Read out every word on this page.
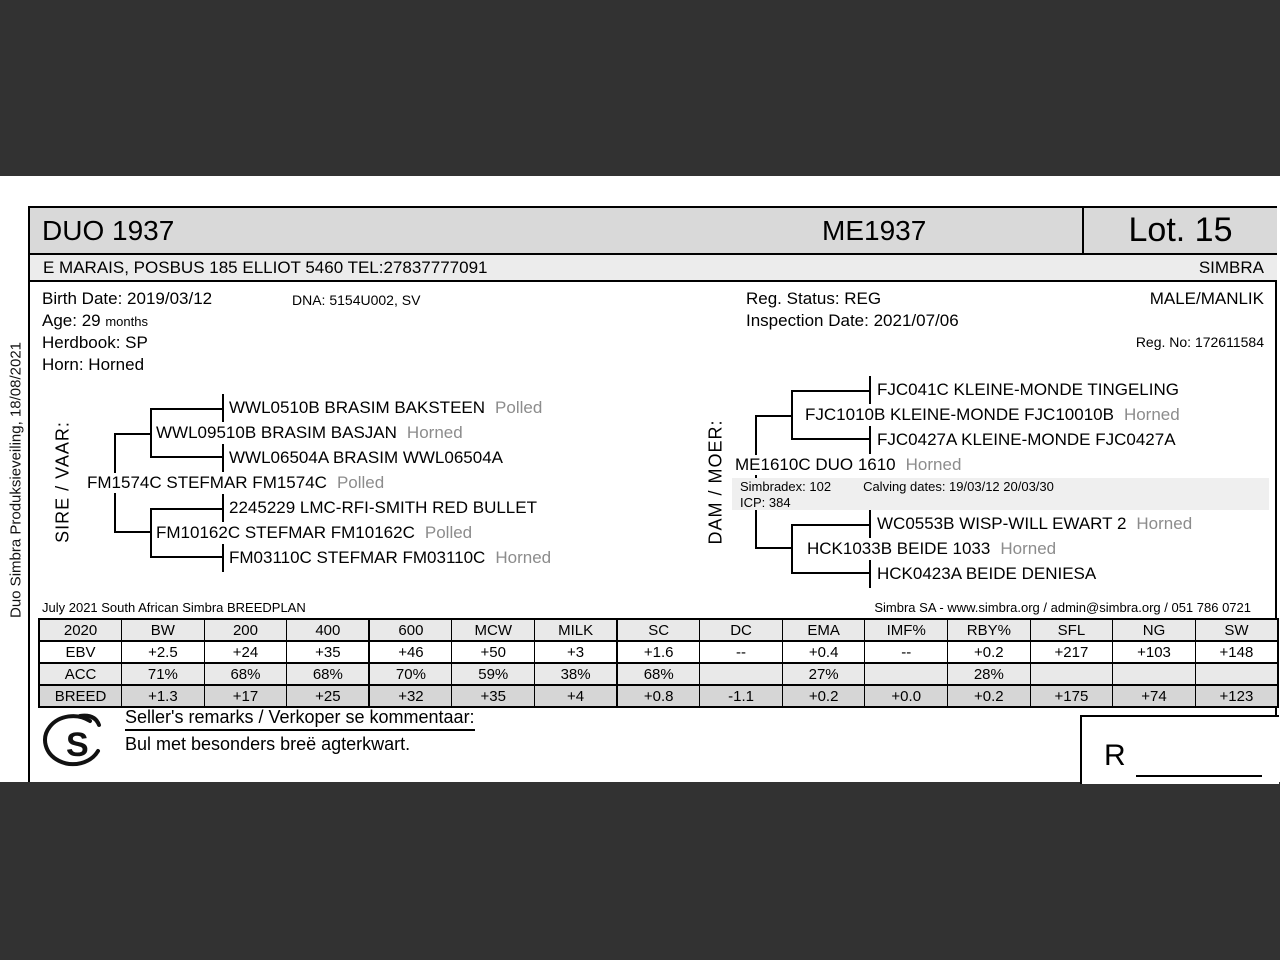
Duo Simbra Produksieveiling, 18/08/2021
DUO 1937	ME1937	Lot. 15
E MARAIS, POSBUS 185 ELLIOT 5460 TEL:27837777091	SIMBRA
Birth Date: 2019/03/12	DNA: 5154U002, SV
Age: 29 months
Herdbook: SP
Horn: Horned
Reg. Status: REG
Inspection Date: 2021/07/06
MALE/MANLIK
Reg. No: 172611584
SIRE / VAAR:
WWL0510B BRASIM BAKSTEEN Polled
WWL09510B BRASIM BASJAN Horned
WWL06504A BRASIM WWL06504A
FM1574C STEFMAR FM1574C Polled
2245229 LMC-RFI-SMITH RED BULLET
FM10162C STEFMAR FM10162C Polled
FM03110C STEFMAR FM03110C Horned
DAM / MOER:
FJC041C KLEINE-MONDE TINGELING
FJC1010B KLEINE-MONDE FJC10010B Horned
FJC0427A KLEINE-MONDE FJC0427A
ME1610C DUO 1610 Horned
Simbradex: 102 Calving dates: 19/03/12 20/03/30
ICP: 384
WC0553B WISP-WILL EWART 2 Horned
HCK1033B BEIDE 1033 Horned
HCK0423A BEIDE DENIESA
July 2021 South African Simbra BREEDPLAN	Simbra SA - www.simbra.org / admin@simbra.org / 051 786 0721
2020	BW	200	400	600	MCW	MILK	SC	DC	EMA	IMF%	RBY%	SFL	NG	SW
EBV	+2.5	+24	+35	+46	+50	+3	+1.6	--	+0.4	--	+0.2	+217	+103	+148
ACC	71%	68%	68%	70%	59%	38%	68%		27%		28%			
BREED	+1.3	+17	+25	+32	+35	+4	+0.8	-1.1	+0.2	+0.0	+0.2	+175	+74	+123
S
Seller's remarks / Verkoper se kommentaar:
Bul met besonders breë agterkwart.	R
